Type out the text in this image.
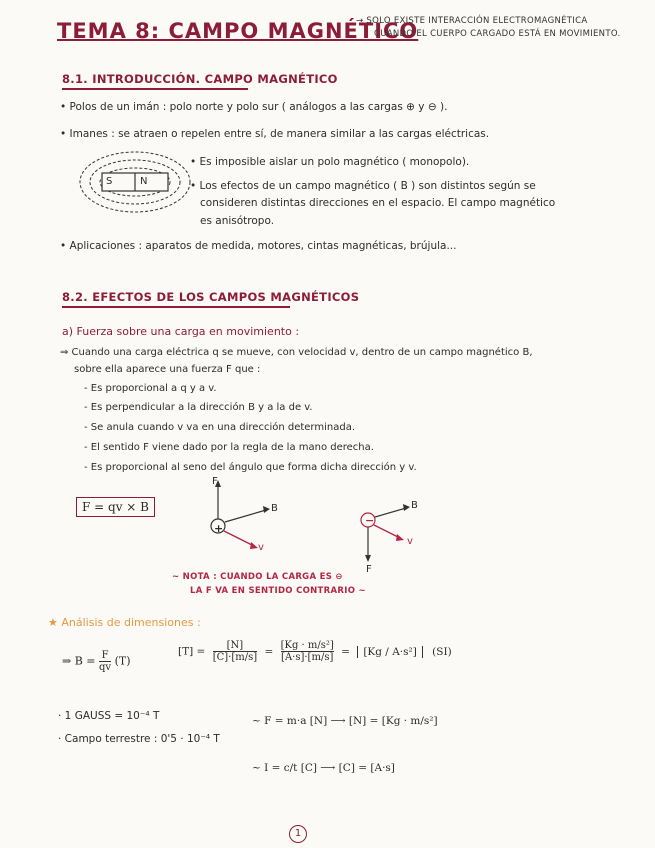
TEMA 8: CAMPO MAGNÉTICO
→ SOLO EXISTE INTERACCIÓN ELECTROMAGNÉTICA
CUANDO EL CUERPO CARGADO ESTÁ EN MOVIMIENTO.
8.1. INTRODUCCIÓN. CAMPO MAGNÉTICO
• Polos de un imán : polo norte y polo sur ( análogos a las cargas ⊕ y ⊖ ).
• Imanes : se atraen o repelen entre sí, de manera similar a las cargas eléctricas.
S	N
• Es imposible aislar un polo magnético ( monopolo).
• Los efectos de un campo magnético ( B ) son distintos según se
consideren distintas direcciones en el espacio. El campo magnético
es anisótropo.
• Aplicaciones : aparatos de medida, motores, cintas magnéticas, brújula...
8.2. EFECTOS DE LOS CAMPOS MAGNÉTICOS
a) Fuerza sobre una carga en movimiento :
⇒ Cuando una carga eléctrica q se mueve, con velocidad v, dentro de un campo magnético B,
sobre ella aparece una fuerza F que :
- Es proporcional a q y a v.
- Es perpendicular a la dirección B y a la de v.
- Se anula cuando v va en una dirección determinada.
- El sentido F viene dado por la regla de la mano derecha.
- Es proporcional al seno del ángulo que forma dicha dirección y v.
F = qv × B
+
−
F
B
v
B
v
F
~ NOTA : CUANDO LA CARGA ES ⊖
LA F VA EN SENTIDO CONTRARIO ~
★ Análisis de dimensiones :
⇒ $B = \frac{F}{qv} (T)$
$[T] = \frac{[N]}{[C]\cdot[m/s]} = \frac{\text{[Kg · m/s²]}}{[A\cdot s]\cdot[m/s]} = [Kg / A\cdot s^2]$ (SI)
· 1 GAUSS = 10⁻⁴ T
· Campo terrestre : 0'5 · 10⁻⁴ T
~ F = m·a [N] ⟶ [N] = [Kg · m/s²]
~ I = c/t [C] ⟶ [C] = [A·s]
1
